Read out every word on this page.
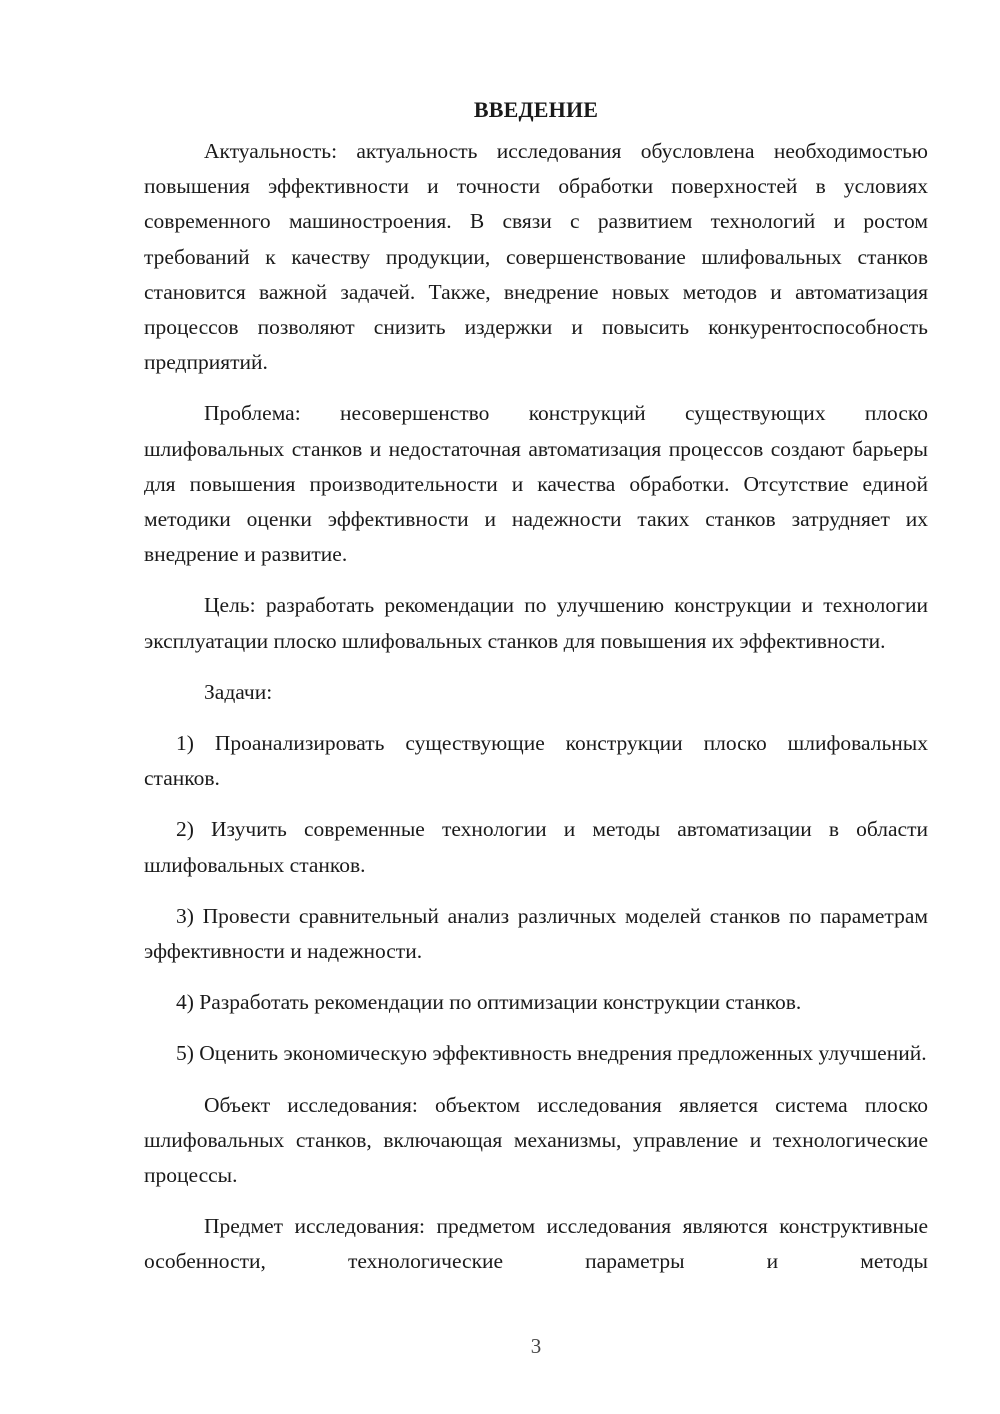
ВВЕДЕНИЕ

Актуальность: актуальность исследования обусловлена необходимостью повышения эффективности и точности обработки поверхностей в условиях современного машиностроения. В связи с развитием технологий и ростом требований к качеству продукции, совершенствование шлифовальных станков становится важной задачей. Также, внедрение новых методов и автоматизация процессов позволяют снизить издержки и повысить конкурентоспособность предприятий.

Проблема: несовершенство конструкций существующих плоско шлифовальных станков и недостаточная автоматизация процессов создают барьеры для повышения производительности и качества обработки. Отсутствие единой методики оценки эффективности и надежности таких станков затрудняет их внедрение и развитие.

Цель: разработать рекомендации по улучшению конструкции и технологии эксплуатации плоско шлифовальных станков для повышения их эффективности.

Задачи:

1) Проанализировать существующие конструкции плоско шлифовальных станков.

2) Изучить современные технологии и методы автоматизации в области шлифовальных станков.

3) Провести сравнительный анализ различных моделей станков по параметрам эффективности и надежности.

4) Разработать рекомендации по оптимизации конструкции станков.

5) Оценить экономическую эффективность внедрения предложенных улучшений.

Объект исследования: объектом исследования является система плоско шлифовальных станков, включающая механизмы, управление и технологические процессы.

Предмет исследования: предметом исследования являются конструктивные особенности, технологические параметры и методы

3
